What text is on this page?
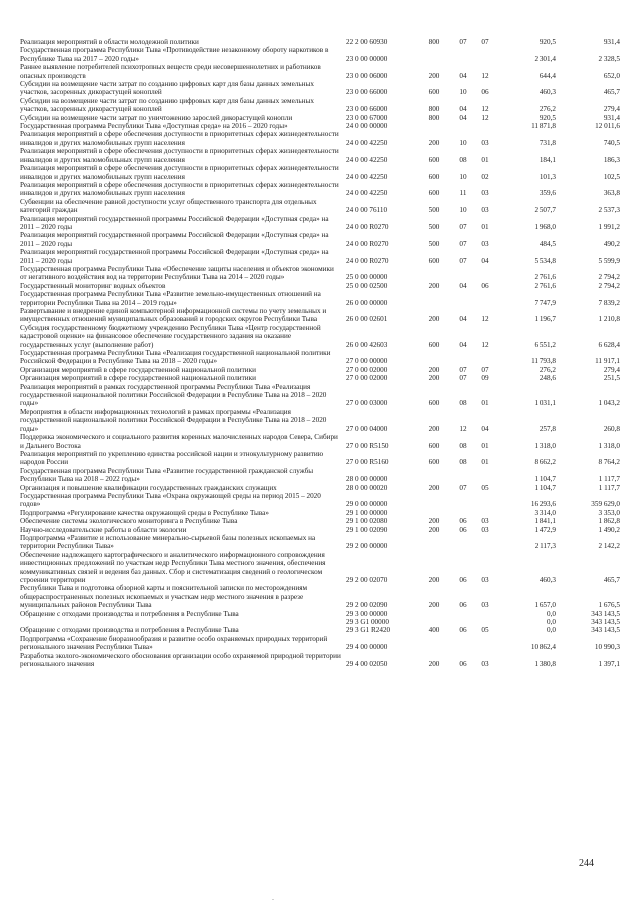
Реализация мероприятий в области молодежной политики	22 2 00 60930	800	07	07	920,5	931,4
Государственная программа Республики Тыва «Противодействие незаконному обороту наркотиков в Республике Тыва на 2017 – 2020 годы»	23 0 00 00000				2 301,4	2 328,5
Раннее выявление потребителей психотропных веществ среди несовершеннолетних и работников опасных производств	23 0 00 06000	200	04	12	644,4	652,0
Субсидии на возмещение части затрат по созданию цифровых карт для базы данных земельных участков, засоренных дикорастущей коноплей	23 0 00 66000	600	10	06	460,3	465,7
Субсидии на возмещение части затрат по созданию цифровых карт для базы данных земельных участков, засоренных дикорастущей коноплей	23 0 00 66000	800	04	12	276,2	279,4
Субсидии на возмещение части затрат по уничтожению зарослей дикорастущей конопли	23 0 00 67000	800	04	12	920,5	931,4
Государственная программа Республики Тыва «Доступная среда» на 2016 – 2020 годы»	24 0 00 00000				11 871,8	12 011,6
Реализация мероприятий в сфере обеспечения доступности в приоритетных сферах жизнедеятельности инвалидов и других маломобильных групп населения	24 0 00 42250	200	10	03	731,8	740,5
Реализация мероприятий в сфере обеспечения доступности в приоритетных сферах жизнедеятельности инвалидов и других маломобильных групп населения	24 0 00 42250	600	08	01	184,1	186,3
Реализация мероприятий в сфере обеспечения доступности в приоритетных сферах жизнедеятельности инвалидов и других маломобильных групп населения	24 0 00 42250	600	10	02	101,3	102,5
Реализация мероприятий в сфере обеспечения доступности в приоритетных сферах жизнедеятельности инвалидов и других маломобильных групп населения	24 0 00 42250	600	11	03	359,6	363,8
Субвенции на обеспечение равной доступности услуг общественного транспорта для отдельных категорий граждан	24 0 00 76110	500	10	03	2 507,7	2 537,3
Реализация мероприятий государственной программы Российской Федерации «Доступная среда» на 2011 – 2020 годы	24 0 00 R0270	500	07	01	1 968,0	1 991,2
Реализация мероприятий государственной программы Российской Федерации «Доступная среда» на 2011 – 2020 годы	24 0 00 R0270	500	07	03	484,5	490,2
Реализация мероприятий государственной программы Российской Федерации «Доступная среда» на 2011 – 2020 годы	24 0 00 R0270	600	07	04	5 534,8	5 599,9
Государственная программа Республики Тыва «Обеспечение защиты населения и объектов экономики от негативного воздействия вод на территории Республики Тыва на 2014 – 2020 годы»	25 0 00 00000				2 761,6	2 794,2
Государственный мониторинг водных объектов	25 0 00 02500	200	04	06	2 761,6	2 794,2
Государственная программа Республики Тыва «Развитие земельно-имущественных отношений на территории Республики Тыва на 2014 – 2019 годы»	26 0 00 00000				7 747,9	7 839,2
Развертывание и внедрение единой компьютерной информационной системы по учету земельных и имущественных отношений муниципальных образований и городских округов Республики Тыва	26 0 00 02601	200	04	12	1 196,7	1 210,8
Субсидия государственному бюджетному учреждению Республики Тыва «Центр государственной кадастровой оценки» на финансовое обеспечение государственного задания на оказание государственных услуг (выполнение работ)	26 0 00 42603	600	04	12	6 551,2	6 628,4
Государственная программа Республики Тыва «Реализация государственной национальной политики Российской Федерации в Республике Тыва на 2018 – 2020 годы»	27 0 00 00000				11 793,8	11 917,1
Организация мероприятий в сфере государственной национальной политики	27 0 00 02000	200	07	07	276,2	279,4
Организация мероприятий в сфере государственной национальной политики	27 0 00 02000	200	07	09	248,6	251,5
Реализация мероприятий в рамках государственной программы Республики Тыва «Реализация государственной национальной политики Российской Федерации в Республике Тыва на 2018 – 2020 годы»	27 0 00 03000	600	08	01	1 031,1	1 043,2
Мероприятия в области информационных технологий в рамках программы «Реализация государственной национальной политики Российской Федерации в Республике Тыва на 2018 – 2020 годы»	27 0 00 04000	200	12	04	257,8	260,8
Поддержка экономического и социального развития коренных малочисленных народов Севера, Сибири и Дальнего Востока	27 0 00 R5150	600	08	01	1 318,0	1 318,0
Реализация мероприятий по укреплению единства российской нации и этнокультурному развитию народов России	27 0 00 R5160	600	08	01	8 662,2	8 764,2
Государственная программа Республики Тыва «Развитие государственной гражданской службы Республики Тыва на 2018 – 2022 годы»	28 0 00 00000				1 104,7	1 117,7
Организация и повышение квалификации государственных гражданских служащих	28 0 00 00020	200	07	05	1 104,7	1 117,7
Государственная программа Республики Тыва «Охрана окружающей среды на период 2015 – 2020 годов»	29 0 00 00000				16 293,6	359 629,0
Подпрограмма «Регулирование качества окружающей среды в Республике Тыва»	29 1 00 00000				3 314,0	3 353,0
Обеспечение системы экологического мониторинга в Республике Тыва	29 1 00 02080	200	06	03	1 841,1	1 862,8
Научно-исследовательские работы в области экологии	29 1 00 02090	200	06	03	1 472,9	1 490,2
Подпрограмма «Развитие и использование минерально-сырьевой базы полезных ископаемых на территории Республики Тыва»	29 2 00 00000				2 117,3	2 142,2
Обеспечение надлежащего картографического и аналитического информационного сопровождения инвестиционных предложений по участкам недр Республики Тыва местного значения, обеспечения коммуникативных связей и ведения баз данных. Сбор и систематизация сведений о геологическом строении территории	29 2 00 02070	200	06	03	460,3	465,7
Республики Тыва и подготовка обзорной карты и пояснительной записки по месторождениям общераспространенных полезных ископаемых и участкам недр местного значения в разрезе муниципальных районов Республики Тыва	29 2 00 02090	200	06	03	1 657,0	1 676,5
Обращение с отходами производства и потребления в Республике Тыва	29 3 00 00000				0,0	343 143,5
	29 3 G1 00000				0,0	343 143,5
Обращение с отходами производства и потребления в Республике Тыва	29 3 G1 R2420	400	06	05	0,0	343 143,5
Подпрограмма «Сохранение биоразнообразия и развитие особо охраняемых природных территорий регионального значения Республики Тыва»	29 4 00 00000				10 862,4	10 990,3
Разработка эколого-экономического обоснования организации особо охраняемой природной территории регионального значения	29 4 00 02050	200	06	03	1 380,8	1 397,1
244
.
